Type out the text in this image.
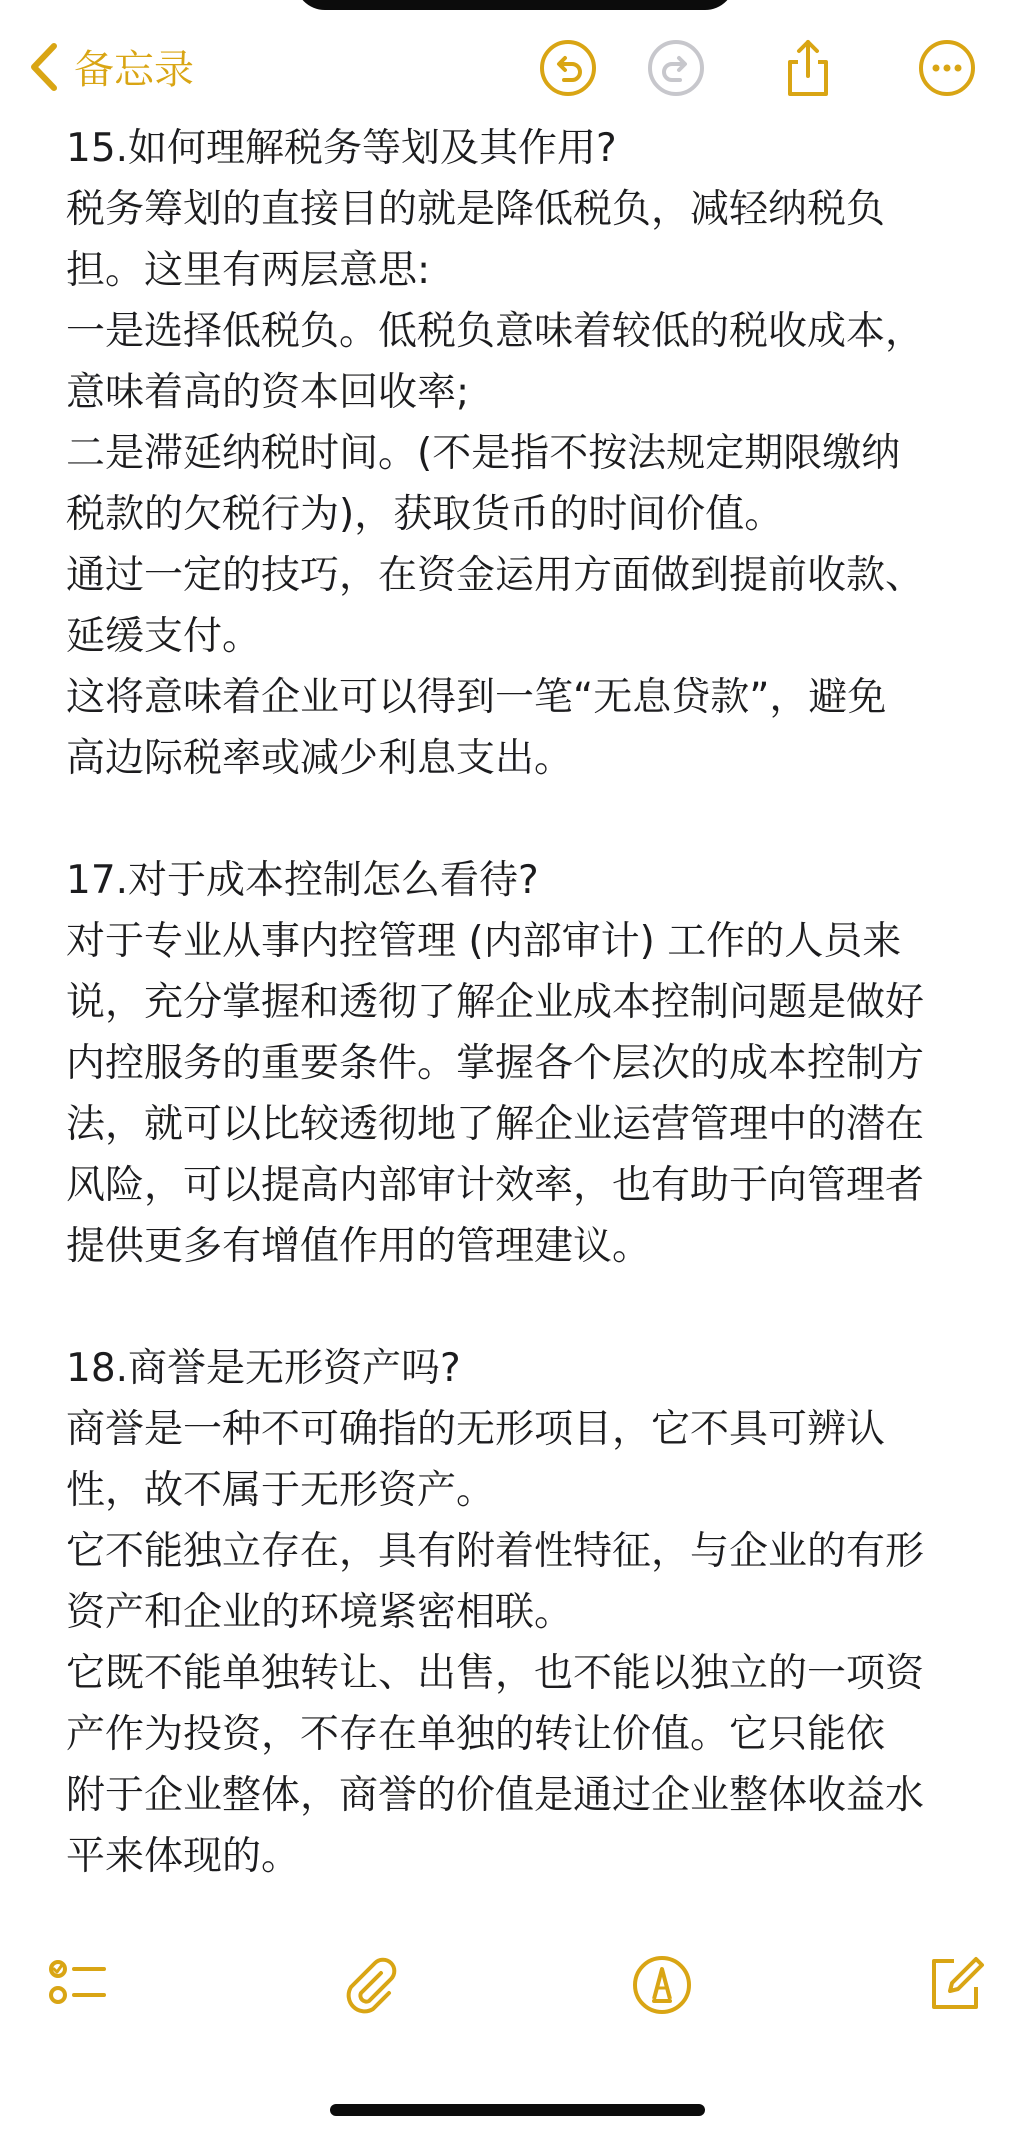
备忘录

15.如何理解税务等划及其作用?

税务筹划的直接目的就是降低税负，减轻纳税负

担。这里有两层意思:

一是选择低税负。低税负意味着较低的税收成本，

意味着高的资本回收率;

二是滞延纳税时间。(不是指不按法规定期限缴纳

税款的欠税行为)，获取货币的时间价值。

通过一定的技巧，在资金运用方面做到提前收款、

延缓支付。

这将意味着企业可以得到一笔“无息贷款”，避免

高边际税率或减少利息支出。

17.对于成本控制怎么看待?

对于专业从事内控管理 (内部审计) 工作的人员来

说，充分掌握和透彻了解企业成本控制问题是做好

内控服务的重要条件。掌握各个层次的成本控制方

法，就可以比较透彻地了解企业运营管理中的潜在

风险，可以提高内部审计效率，也有助于向管理者

提供更多有增值作用的管理建议。

18.商誉是无形资产吗?

商誉是一种不可确指的无形项目，它不具可辨认

性，故不属于无形资产。

它不能独立存在，具有附着性特征，与企业的有形

资产和企业的环境紧密相联。

它既不能单独转让、出售，也不能以独立的一项资

产作为投资，不存在单独的转让价值。它只能依

附于企业整体，商誉的价值是通过企业整体收益水

平来体现的。
